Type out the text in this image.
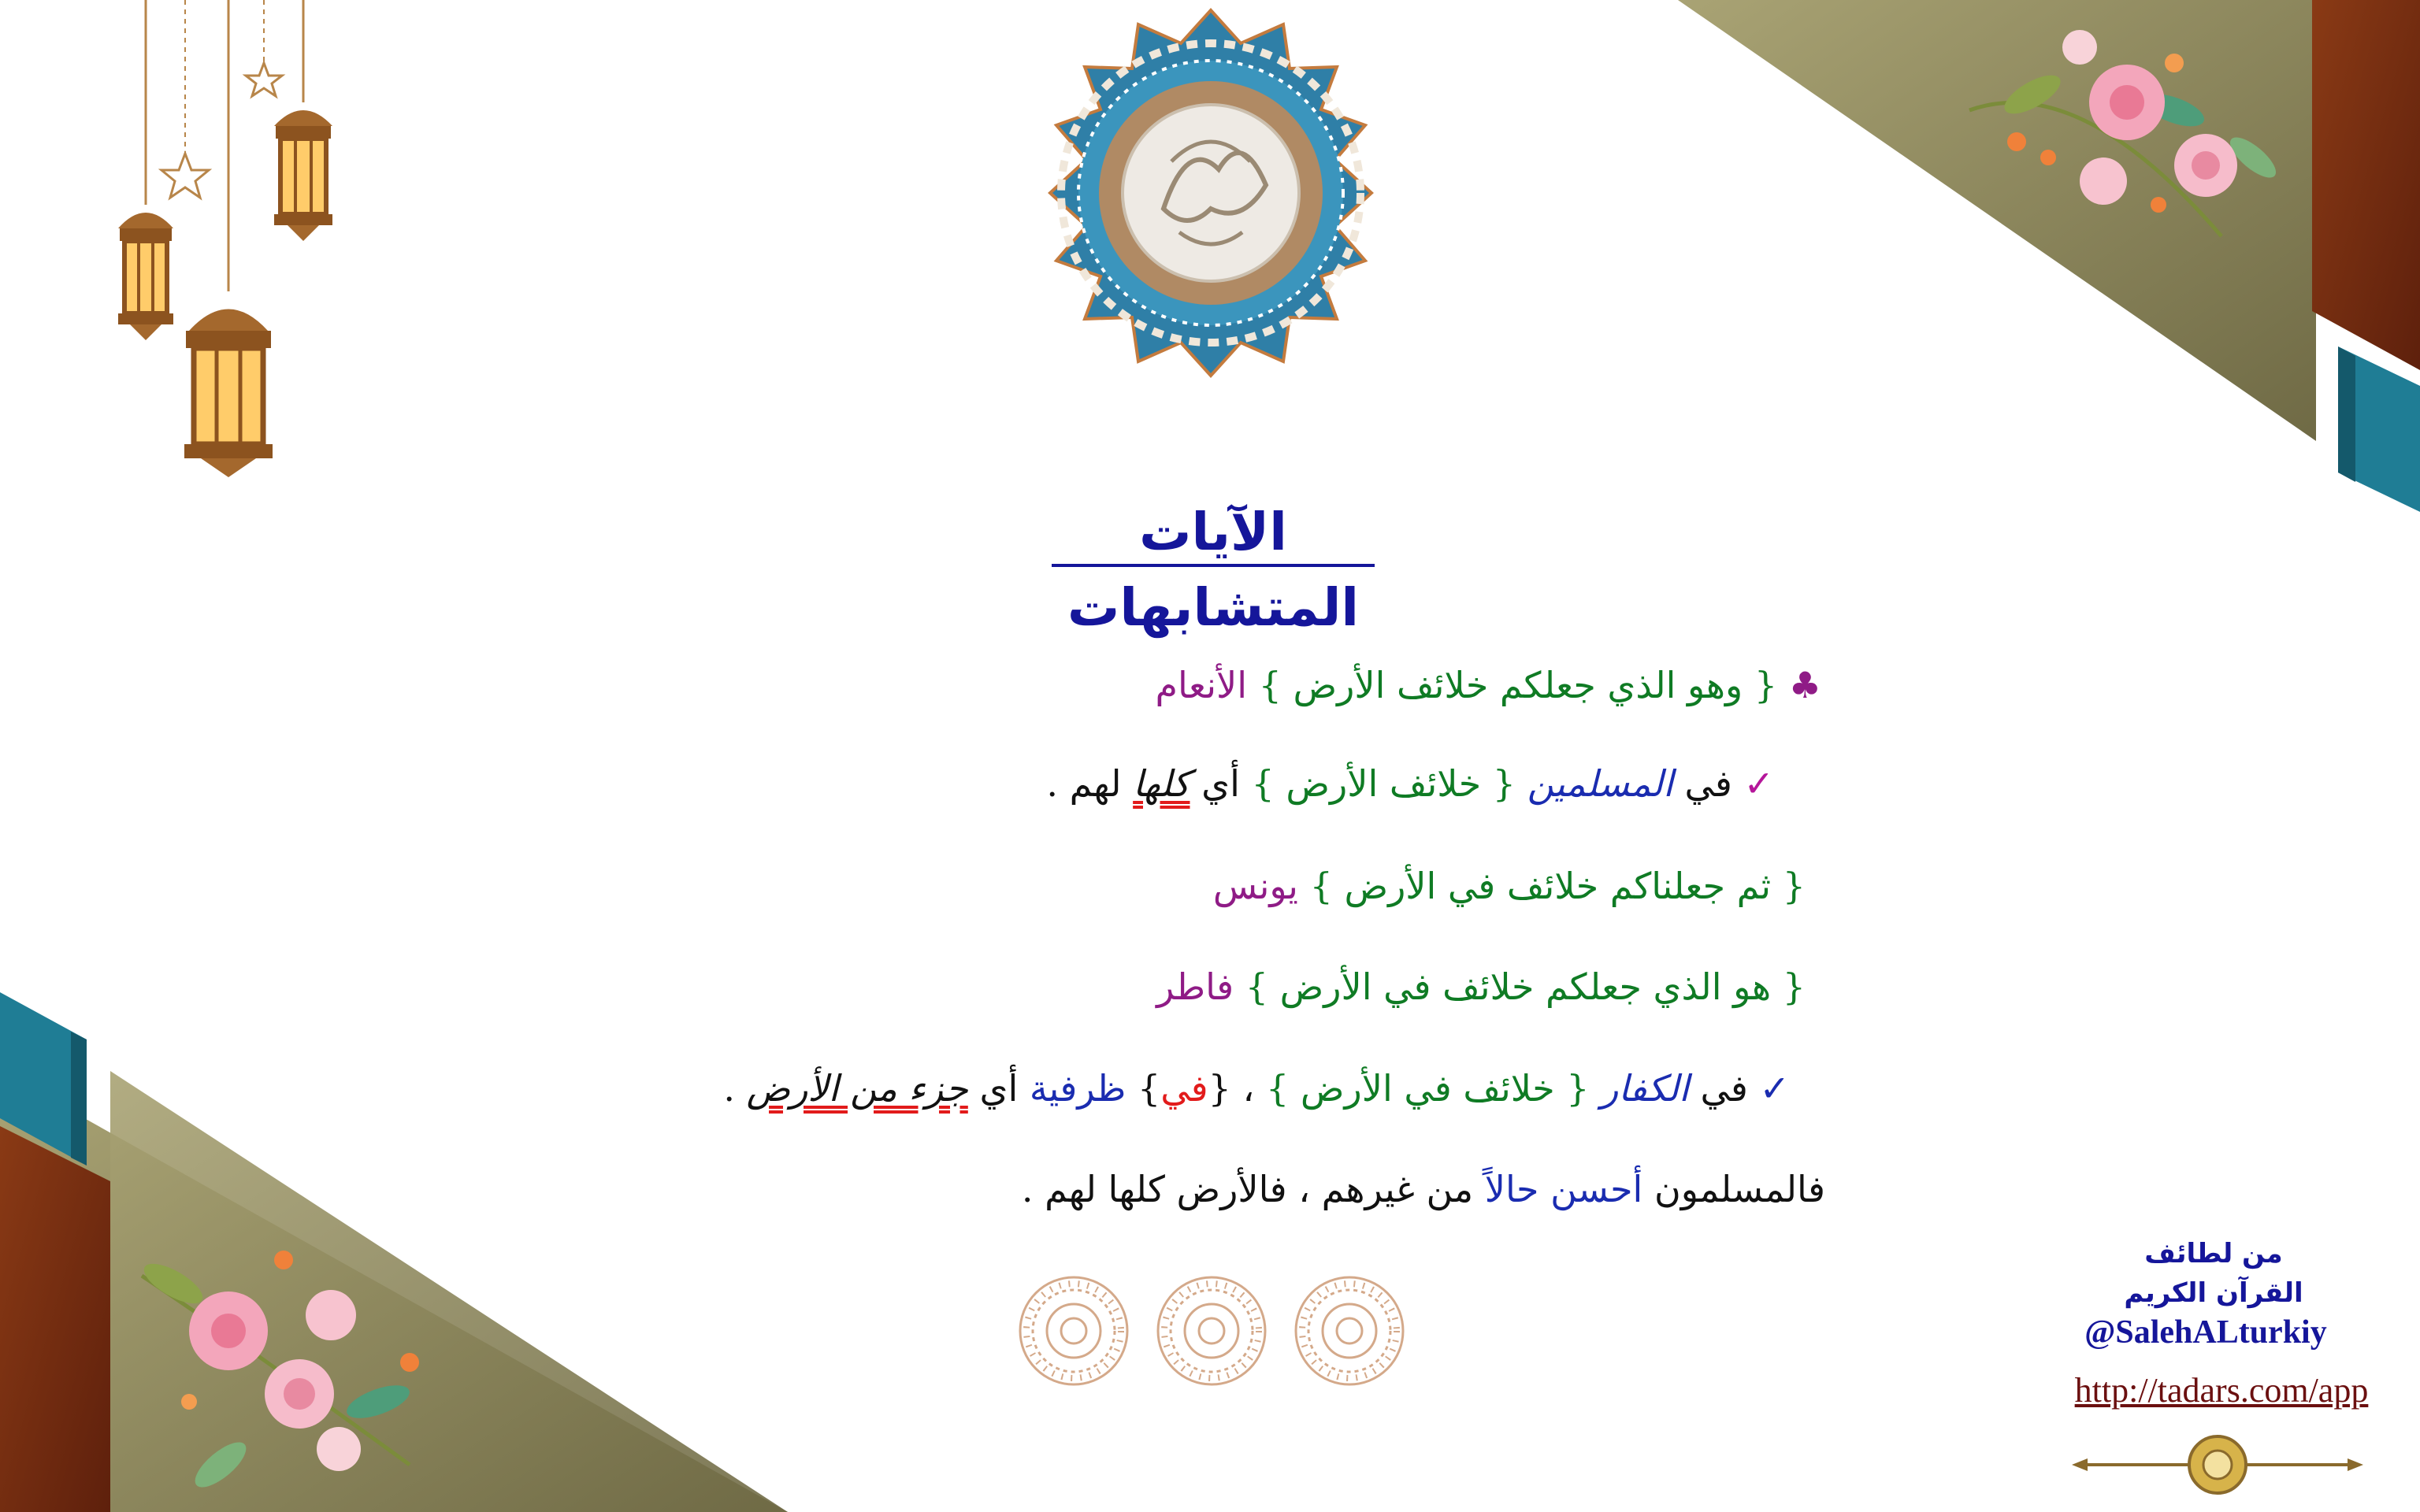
الآيات المتشابهات
♣ { وهو الذي جعلكم خلائف الأرض } الأنعام
✓ في المسلمين { خلائف الأرض } أي كلها لهم .
{ ثم جعلناكم خلائف في الأرض } يونس
{ هو الذي جعلكم خلائف في الأرض } فاطر
✓ في الكفار { خلائف في الأرض } ، {في} ظرفية أي جزء من الأرض .
فالمسلمون أحسن حالاً من غيرهم ، فالأرض كلها لهم .
من لطائف
القرآن الكريم
@SalehALturkiy
http://tadars.com/app
